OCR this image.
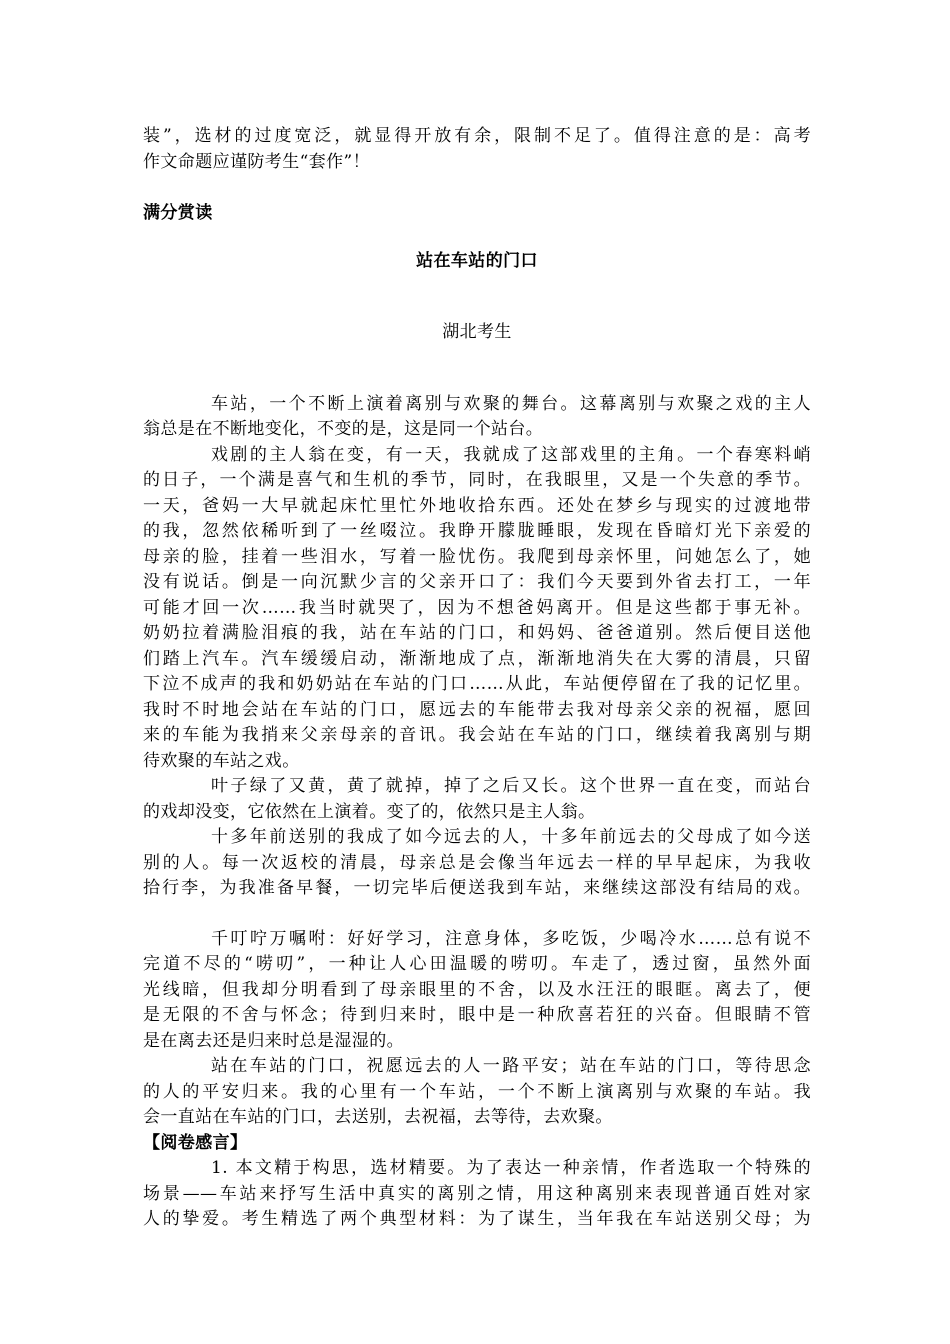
装”，选材的过度宽泛，就显得开放有余，限制不足了。值得注意的是：高考
作文命题应谨防考生“套作”！
满分赏读
站在车站的门口
湖北考生
车站，一个不断上演着离别与欢聚的舞台。这幕离别与欢聚之戏的主人
翁总是在不断地变化，不变的是，这是同一个站台。
戏剧的主人翁在变，有一天，我就成了这部戏里的主角。一个春寒料峭
的日子，一个满是喜气和生机的季节，同时，在我眼里，又是一个失意的季节。
一天，爸妈一大早就起床忙里忙外地收拾东西。还处在梦乡与现实的过渡地带
的我，忽然依稀听到了一丝啜泣。我睁开朦胧睡眼，发现在昏暗灯光下亲爱的
母亲的脸，挂着一些泪水，写着一脸忧伤。我爬到母亲怀里，问她怎么了，她
没有说话。倒是一向沉默少言的父亲开口了：我们今天要到外省去打工，一年
可能才回一次……我当时就哭了，因为不想爸妈离开。但是这些都于事无补。
奶奶拉着满脸泪痕的我，站在车站的门口，和妈妈、爸爸道别。然后便目送他
们踏上汽车。汽车缓缓启动，渐渐地成了点，渐渐地消失在大雾的清晨，只留
下泣不成声的我和奶奶站在车站的门口……从此，车站便停留在了我的记忆里。
我时不时地会站在车站的门口，愿远去的车能带去我对母亲父亲的祝福，愿回
来的车能为我捎来父亲母亲的音讯。我会站在车站的门口，继续着我离别与期
待欢聚的车站之戏。
叶子绿了又黄，黄了就掉，掉了之后又长。这个世界一直在变，而站台
的戏却没变，它依然在上演着。变了的，依然只是主人翁。
十多年前送别的我成了如今远去的人，十多年前远去的父母成了如今送
别的人。每一次返校的清晨，母亲总是会像当年远去一样的早早起床，为我收
拾行李，为我准备早餐，一切完毕后便送我到车站，来继续这部没有结局的戏。
千叮咛万嘱咐：好好学习，注意身体，多吃饭，少喝冷水……总有说不
完道不尽的“唠叨”，一种让人心田温暖的唠叨。车走了，透过窗，虽然外面
光线暗，但我却分明看到了母亲眼里的不舍，以及水汪汪的眼眶。离去了，便
是无限的不舍与怀念；待到归来时，眼中是一种欣喜若狂的兴奋。但眼睛不管
是在离去还是归来时总是湿湿的。
站在车站的门口，祝愿远去的人一路平安；站在车站的门口，等待思念
的人的平安归来。我的心里有一个车站，一个不断上演离别与欢聚的车站。我
会一直站在车站的门口，去送别，去祝福，去等待，去欢聚。
【阅卷感言】
1. 本文精于构思，选材精要。为了表达一种亲情，作者选取一个特殊的
场景——车站来抒写生活中真实的离别之情，用这种离别来表现普通百姓对家
人的挚爱。考生精选了两个典型材料：为了谋生，当年我在车站送别父母；为
